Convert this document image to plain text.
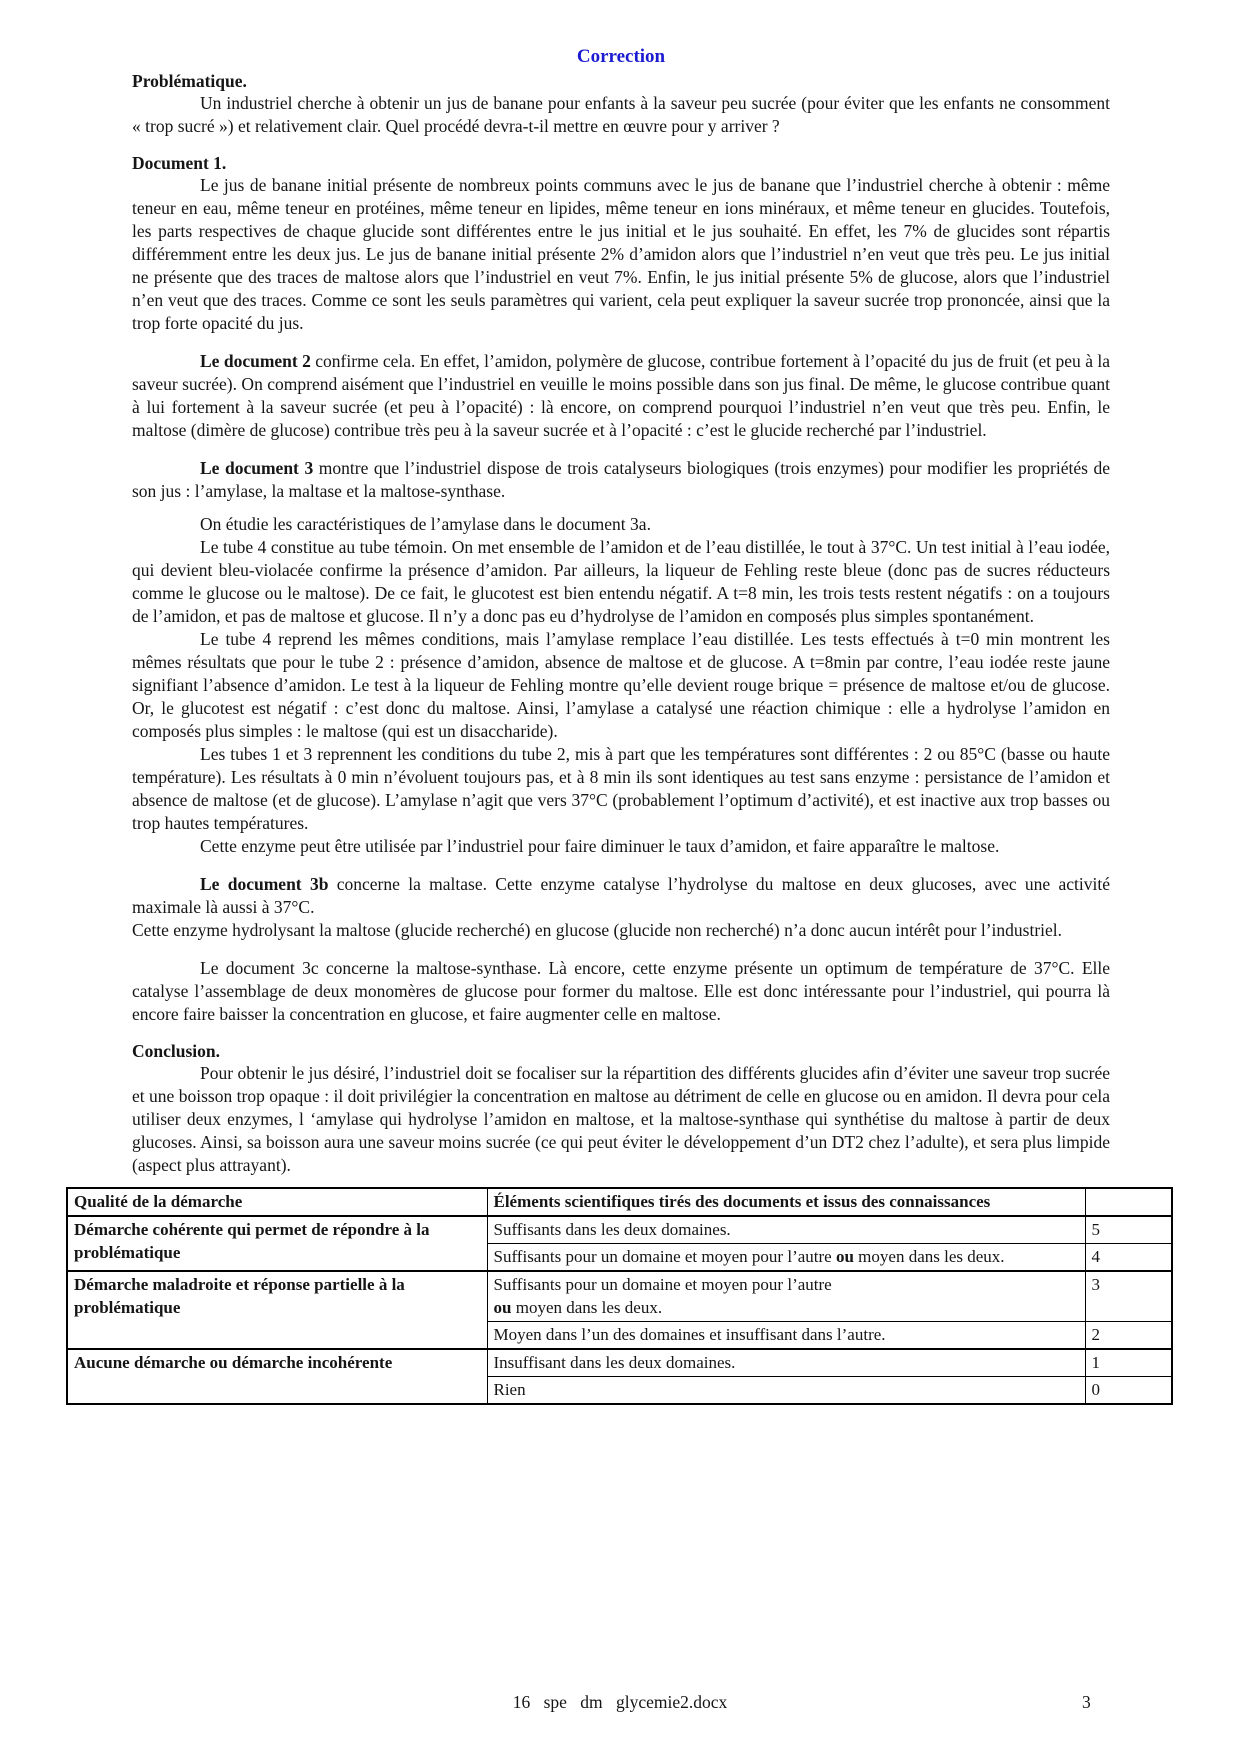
Correction
Problématique.

Un industriel cherche à obtenir un jus de banane pour enfants à la saveur peu sucrée (pour éviter que les enfants ne consomment « trop sucré ») et relativement clair. Quel procédé devra-t-il mettre en œuvre pour y arriver ?

Document 1.

Le jus de banane initial présente de nombreux points communs avec le jus de banane que l’industriel cherche à obtenir : même teneur en eau, même teneur en protéines, même teneur en lipides, même teneur en ions minéraux, et même teneur en glucides. Toutefois, les parts respectives de chaque glucide sont différentes entre le jus initial et le jus souhaité. En effet, les 7% de glucides sont répartis différemment entre les deux jus. Le jus de banane initial présente 2% d’amidon alors que l’industriel n’en veut que très peu. Le jus initial ne présente que des traces de maltose alors que l’industriel en veut 7%. Enfin, le jus initial présente 5% de glucose, alors que l’industriel n’en veut que des traces. Comme ce sont les seuls paramètres qui varient, cela peut expliquer la saveur sucrée trop prononcée, ainsi que la trop forte opacité du jus.

Le document 2 confirme cela. En effet, l’amidon, polymère de glucose, contribue fortement à l’opacité du jus de fruit (et peu à la saveur sucrée). On comprend aisément que l’industriel en veuille le moins possible dans son jus final. De même, le glucose contribue quant à lui fortement à la saveur sucrée (et peu à l’opacité) : là encore, on comprend pourquoi l’industriel n’en veut que très peu. Enfin, le maltose (dimère de glucose) contribue très peu à la saveur sucrée et à l’opacité : c’est le glucide recherché par l’industriel.

Le document 3 montre que l’industriel dispose de trois catalyseurs biologiques (trois enzymes) pour modifier les propriétés de son jus : l’amylase, la maltase et la maltose-synthase.

On étudie les caractéristiques de l’amylase dans le document 3a.

Le tube 4 constitue au tube témoin. On met ensemble de l’amidon et de l’eau distillée, le tout à 37°C. Un test initial à l’eau iodée, qui devient bleu-violacée confirme la présence d’amidon. Par ailleurs, la liqueur de Fehling reste bleue (donc pas de sucres réducteurs comme le glucose ou le maltose). De ce fait, le glucotest est bien entendu négatif. A t=8 min, les trois tests restent négatifs : on a toujours de l’amidon, et pas de maltose et glucose. Il n’y a donc pas eu d’hydrolyse de l’amidon en composés plus simples spontanément.

Le tube 4 reprend les mêmes conditions, mais l’amylase remplace l’eau distillée. Les tests effectués à t=0 min montrent les mêmes résultats que pour le tube 2 : présence d’amidon, absence de maltose et de glucose. A t=8min par contre, l’eau iodée reste jaune signifiant l’absence d’amidon. Le test à la liqueur de Fehling montre qu’elle devient rouge brique = présence de maltose et/ou de glucose. Or, le glucotest est négatif : c’est donc du maltose. Ainsi, l’amylase a catalysé une réaction chimique : elle a hydrolyse l’amidon en composés plus simples : le maltose (qui est un disaccharide).

Les tubes 1 et 3 reprennent les conditions du tube 2, mis à part que les températures sont différentes : 2 ou 85°C (basse ou haute température). Les résultats à 0 min n’évoluent toujours pas, et à 8 min ils sont identiques au test sans enzyme : persistance de l’amidon et absence de maltose (et de glucose). L’amylase n’agit que vers 37°C (probablement l’optimum d’activité), et est inactive aux trop basses ou trop hautes températures.

Cette enzyme peut être utilisée par l’industriel pour faire diminuer le taux d’amidon, et faire apparaître le maltose.

Le document 3b concerne la maltase. Cette enzyme catalyse l’hydrolyse du maltose en deux glucoses, avec une activité maximale là aussi à 37°C.

Cette enzyme hydrolysant la maltose (glucide recherché) en glucose (glucide non recherché) n’a donc aucun intérêt pour l’industriel.

Le document 3c concerne la maltose-synthase. Là encore, cette enzyme présente un optimum de température de 37°C. Elle catalyse l’assemblage de deux monomères de glucose pour former du maltose. Elle est donc intéressante pour l’industriel, qui pourra là encore faire baisser la concentration en glucose, et faire augmenter celle en maltose.

Conclusion.

Pour obtenir le jus désiré, l’industriel doit se focaliser sur la répartition des différents glucides afin d’éviter une saveur trop sucrée et une boisson trop opaque : il doit privilégier la concentration en maltose au détriment de celle en glucose ou en amidon. Il devra pour cela utiliser deux enzymes, l ‘amylase qui hydrolyse l’amidon en maltose, et la maltose-synthase qui synthétise du maltose à partir de deux glucoses. Ainsi, sa boisson aura une saveur moins sucrée (ce qui peut éviter le développement d’un DT2 chez l’adulte), et sera plus limpide (aspect plus attrayant).

Qualité de la démarche	Éléments scientifiques tirés des documents et issus des connaissances	
Démarche cohérente qui permet de répondre à la problématique	Suffisants dans les deux domaines.	5
	Suffisants pour un domaine et moyen pour l’autre ou moyen dans les deux.	4
Démarche maladroite et réponse partielle à la problématique	Suffisants pour un domaine et moyen pour l’autre
ou moyen dans les deux.	3
	Moyen dans l’un des domaines et insuffisant dans l’autre.	2
Aucune démarche ou démarche incohérente	Insuffisant dans les deux domaines.	1
	Rien	0
16 spe dm glycemie2.docx	3
